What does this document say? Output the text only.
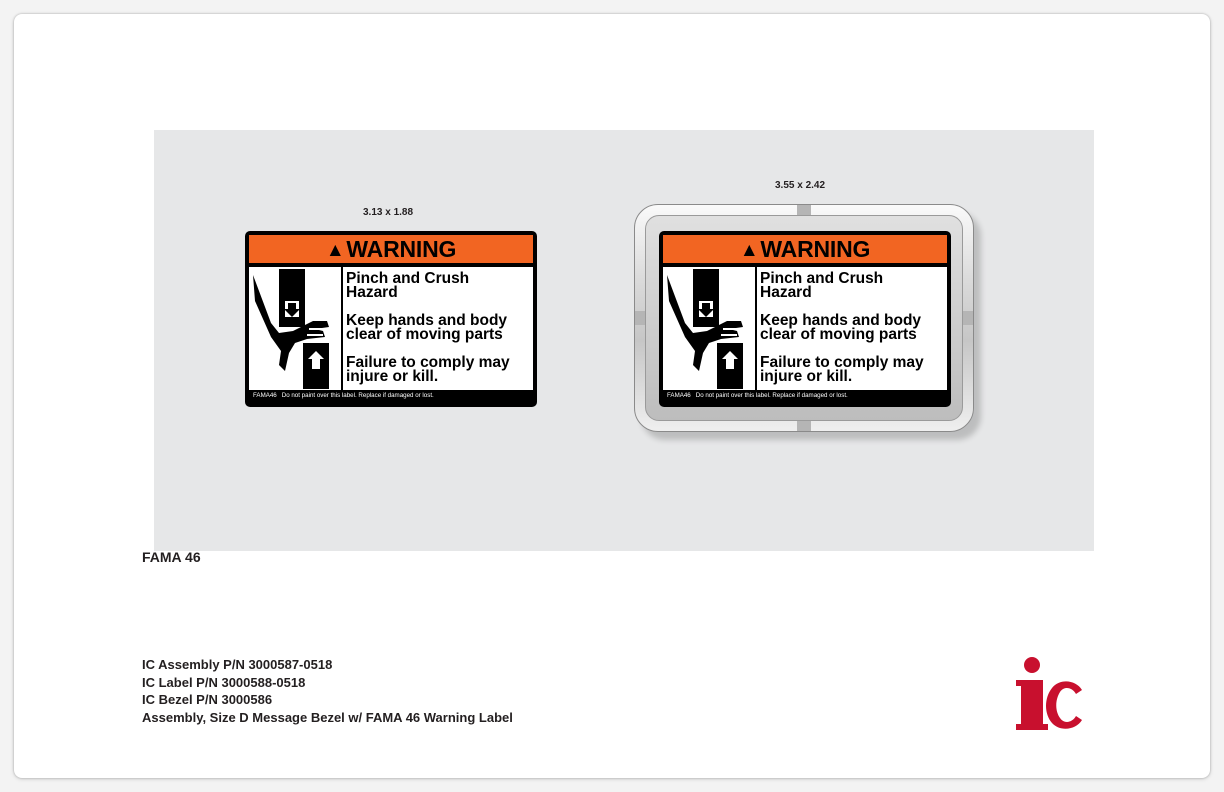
3.13 x 1.88
3.55 x 2.42
▲WARNING
Pinch and Crush
Hazard
Keep hands and body
clear of moving parts
Failure to comply may
injure or kill.
FAMA46 Do not paint over this label. Replace if damaged or lost.
▲WARNING
Pinch and Crush
Hazard
Keep hands and body
clear of moving parts
Failure to comply may
injure or kill.
FAMA46 Do not paint over this label. Replace if damaged or lost.
FAMA 46
IC Assembly P/N 3000587-0518
IC Label P/N 3000588-0518
IC Bezel P/N 3000586
Assembly, Size D Message Bezel w/ FAMA 46 Warning Label
